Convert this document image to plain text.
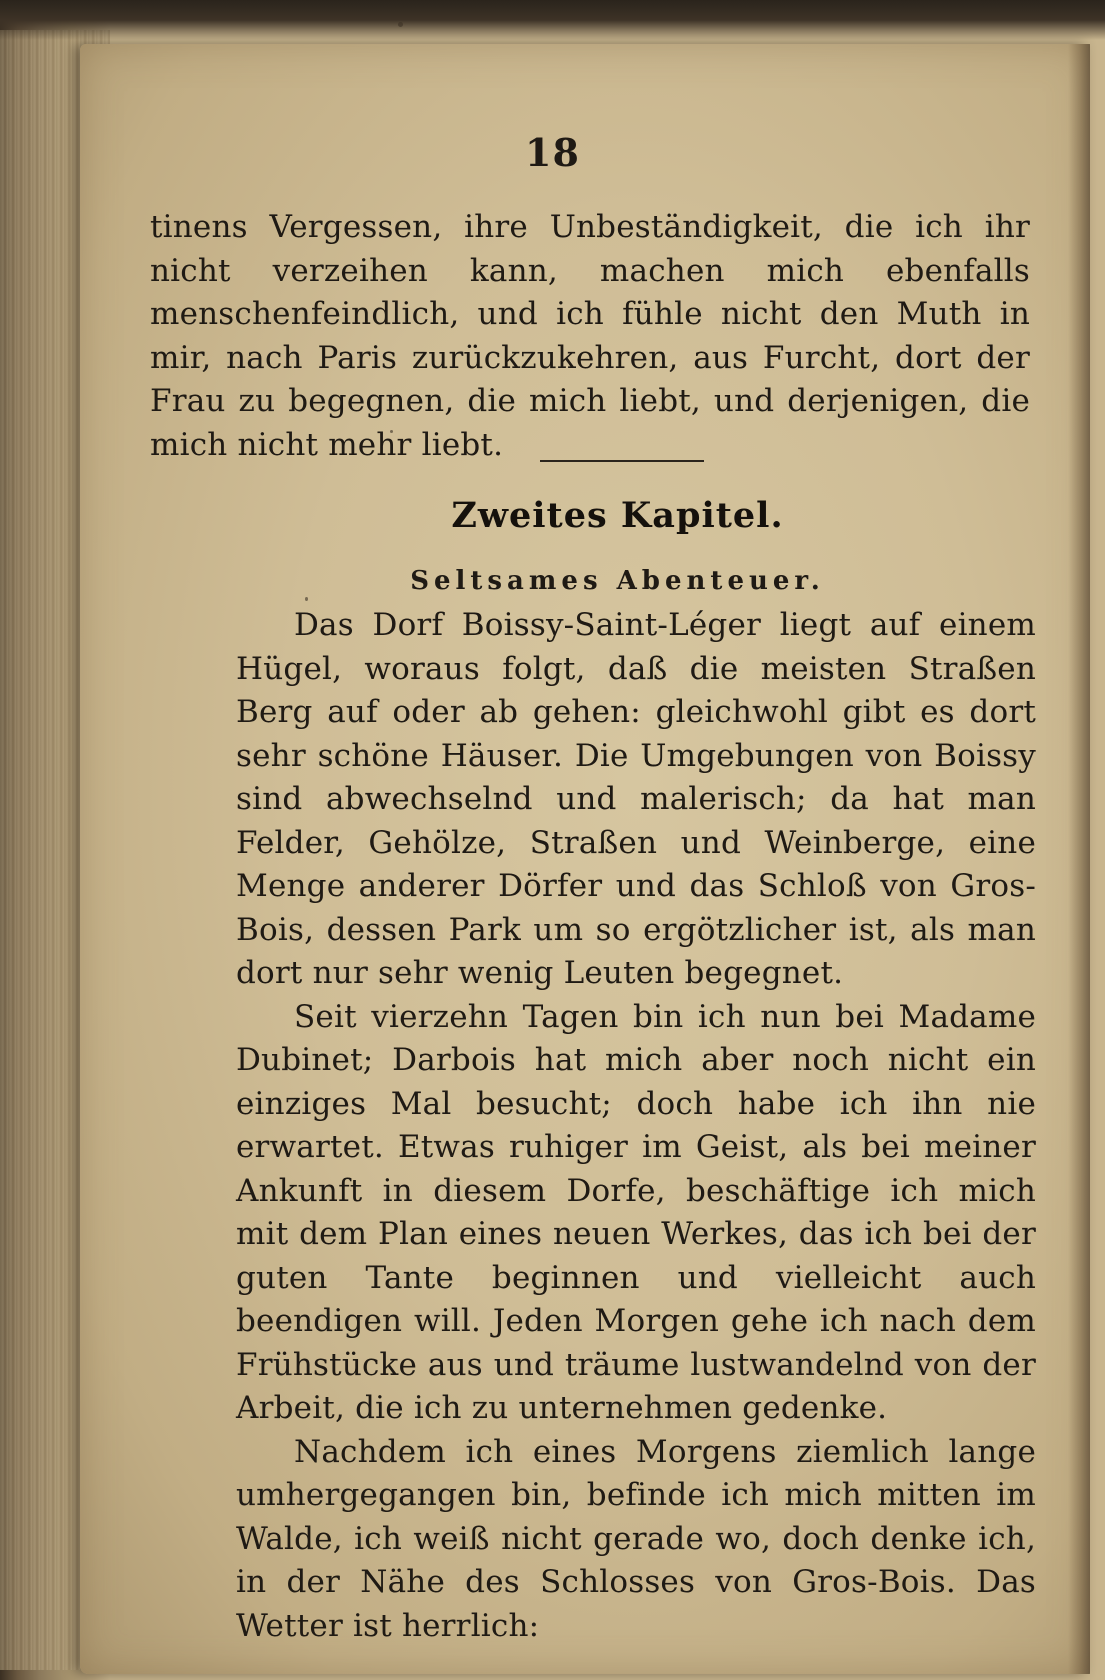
18

tinens Vergessen, ihre Unbeständigkeit, die ich ihr nicht verzeihen kann, machen mich ebenfalls menschenfeindlich, und ich fühle nicht den Muth in mir, nach Paris zurückzukehren, aus Furcht, dort der Frau zu begegnen, die mich liebt, und derjenigen, die mich nicht mehr liebt.

Zweites Kapitel.
Seltsames Abenteuer.

Das Dorf Boissy-Saint-Léger liegt auf einem Hügel, woraus folgt, daß die meisten Straßen Berg auf oder ab gehen: gleichwohl gibt es dort sehr schöne Häuser. Die Umgebungen von Boissy sind abwechselnd und malerisch; da hat man Felder, Gehölze, Straßen und Weinberge, eine Menge anderer Dörfer und das Schloß von Gros-Bois, dessen Park um so ergötzlicher ist, als man dort nur sehr wenig Leuten begegnet.

Seit vierzehn Tagen bin ich nun bei Madame Dubinet; Darbois hat mich aber noch nicht ein einziges Mal besucht; doch habe ich ihn nie erwartet. Etwas ruhiger im Geist, als bei meiner Ankunft in diesem Dorfe, beschäftige ich mich mit dem Plan eines neuen Werkes, das ich bei der guten Tante beginnen und vielleicht auch beendigen will. Jeden Morgen gehe ich nach dem Frühstücke aus und träume lustwandelnd von der Arbeit, die ich zu unternehmen gedenke.

Nachdem ich eines Morgens ziemlich lange umhergegangen bin, befinde ich mich mitten im Walde, ich weiß nicht gerade wo, doch denke ich, in der Nähe des Schlosses von Gros-Bois. Das Wetter ist herrlich:
